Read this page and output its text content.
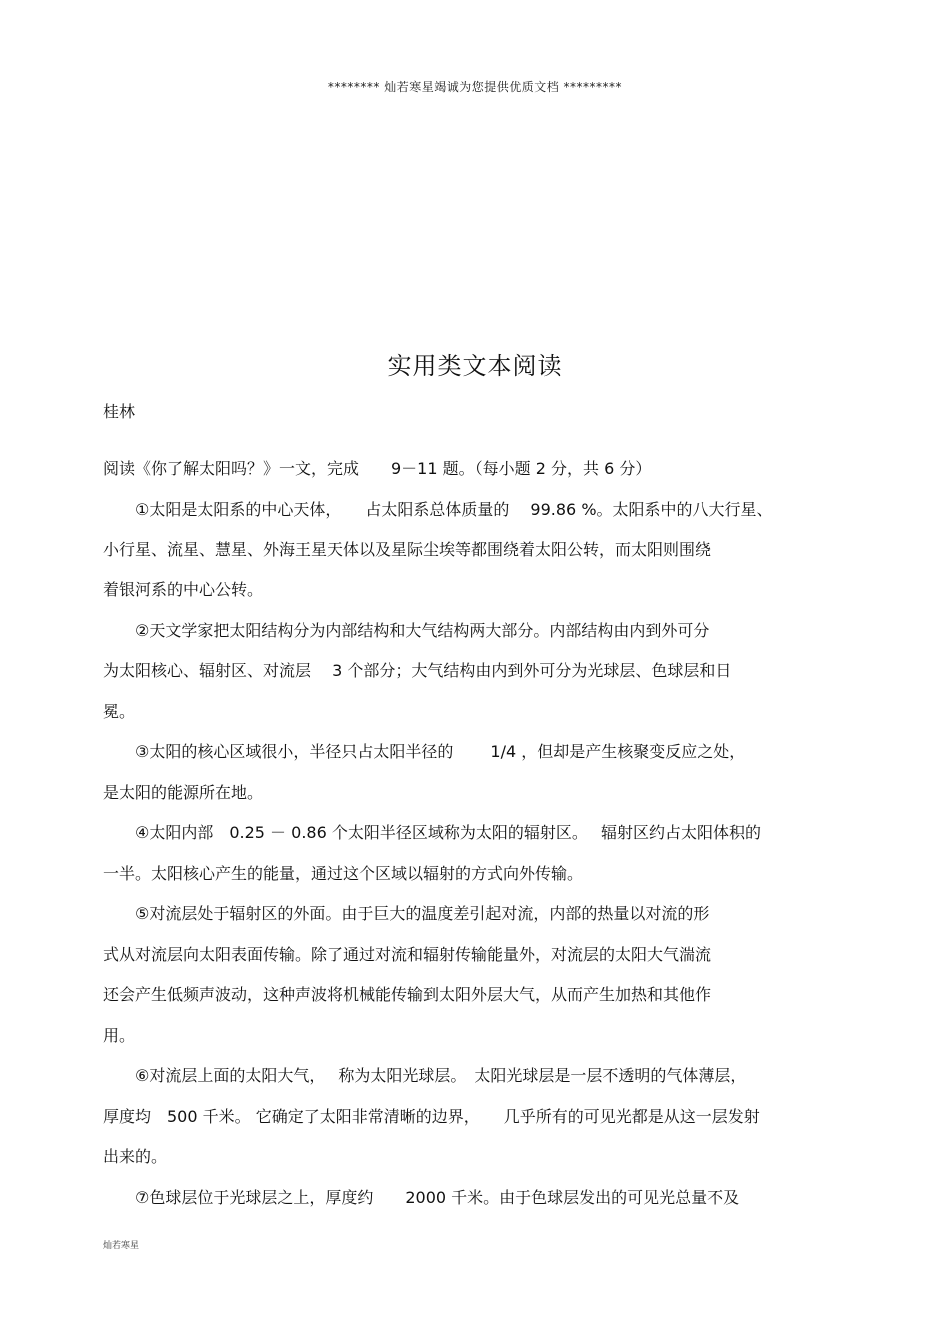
******** 灿若寒星竭诚为您提供优质文档 *********
实用类文本阅读
桂林
阅读《你了解太阳吗？》一文，完成　　9－11 题。（每小题 2 分，共 6 分）
　　①太阳是太阳系的中心天体，　　占太阳系总体质量的　 99.86 %。太阳系中的八大行星、
小行星、流星、慧星、外海王星天体以及星际尘埃等都围绕着太阳公转，而太阳则围绕
着银河系的中心公转。
　　②天文学家把太阳结构分为内部结构和大气结构两大部分。内部结构由内到外可分
为太阳核心、辐射区、对流层　 3 个部分；大气结构由内到外可分为光球层、色球层和日
冕。
　　③太阳的核心区域很小，半径只占太阳半径的　　 1/4 ，但却是产生核聚变反应之处，
是太阳的能源所在地。
　　④太阳内部　0.25 － 0.86 个太阳半径区域称为太阳的辐射区。　 辐射区约占太阳体积的
一半。太阳核心产生的能量，通过这个区域以辐射的方式向外传输。
　　⑤对流层处于辐射区的外面。由于巨大的温度差引起对流，内部的热量以对流的形
式从对流层向太阳表面传输。除了通过对流和辐射传输能量外，对流层的太阳大气湍流
还会产生低频声波动，这种声波将机械能传输到太阳外层大气，从而产生加热和其他作
用。
　　⑥对流层上面的太阳大气，　 称为太阳光球层。　太阳光球层是一层不透明的气体薄层，
厚度均　500 千米。 它确定了太阳非常清晰的边界，　　几乎所有的可见光都是从这一层发射
出来的。
　　⑦色球层位于光球层之上，厚度约　　2000 千米。由于色球层发出的可见光总量不及
灿若寒星
